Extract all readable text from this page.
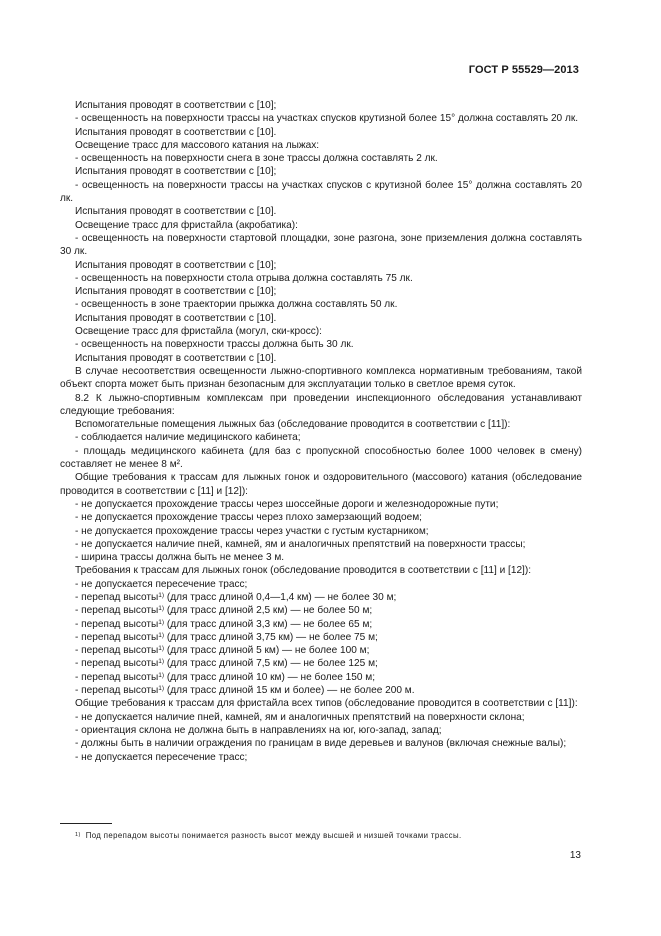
ГОСТ Р 55529—2013

Испытания проводят в соответствии с [10];

- освещенность на поверхности трассы на участках спусков крутизной более 15° должна составлять 20 лк.

Испытания проводят в соответствии с [10].

Освещение трасс для массового катания на лыжах:

- освещенность на поверхности снега в зоне трассы должна составлять 2 лк.

Испытания проводят в соответствии с [10];

- освещенность на поверхности трассы на участках спусков с крутизной более 15° должна составлять 20 лк.

Испытания проводят в соответствии с [10].

Освещение трасс для фристайла (акробатика):

- освещенность на поверхности стартовой площадки, зоне разгона, зоне приземления должна составлять 30 лк.

Испытания проводят в соответствии с [10];

- освещенность на поверхности стола отрыва должна составлять 75 лк.

Испытания проводят в соответствии с [10];

- освещенность в зоне траектории прыжка должна составлять 50 лк.

Испытания проводят в соответствии с [10].

Освещение трасс для фристайла (могул, ски-кросс):

- освещенность на поверхности трассы должна быть 30 лк.

Испытания проводят в соответствии с [10].

В случае несоответствия освещенности лыжно-спортивного комплекса нормативным требованиям, такой объект спорта может быть признан безопасным для эксплуатации только в светлое время суток.

8.2 К лыжно-спортивным комплексам при проведении инспекционного обследования устанавливают следующие требования:

Вспомогательные помещения лыжных баз (обследование проводится в соответствии с [11]):

- соблюдается наличие медицинского кабинета;

- площадь медицинского кабинета (для баз с пропускной способностью более 1000 человек в смену) составляет не менее 8 м².

Общие требования к трассам для лыжных гонок и оздоровительного (массового) катания (обследование проводится в соответствии с [11] и [12]):

- не допускается прохождение трассы через шоссейные дороги и железнодорожные пути;

- не допускается прохождение трассы через плохо замерзающий водоем;

- не допускается прохождение трассы через участки с густым кустарником;

- не допускается наличие пней, камней, ям и аналогичных препятствий на поверхности трассы;

- ширина трассы должна быть не менее 3 м.

Требования к трассам для лыжных гонок (обследование проводится в соответствии с [11] и [12]):

- не допускается пересечение трасс;

- перепад высоты$^{1)}$ (для трасс длиной 0,4—1,4 км) — не более 30 м;

- перепад высоты$^{1)}$ (для трасс длиной 2,5 км) — не более 50 м;

- перепад высоты$^{1)}$ (для трасс длиной 3,3 км) — не более 65 м;

- перепад высоты$^{1)}$ (для трасс длиной 3,75 км) — не более 75 м;

- перепад высоты$^{1)}$ (для трасс длиной 5 км) — не более 100 м;

- перепад высоты$^{1)}$ (для трасс длиной 7,5 км) — не более 125 м;

- перепад высоты$^{1)}$ (для трасс длиной 10 км) — не более 150 м;

- перепад высоты$^{1)}$ (для трасс длиной 15 км и более) — не более 200 м.

Общие требования к трассам для фристайла всех типов (обследование проводится в соответствии с [11]):

- не допускается наличие пней, камней, ям и аналогичных препятствий на поверхности склона;

- ориентация склона не должна быть в направлениях на юг, юго-запад, запад;

- должны быть в наличии ограждения по границам в виде деревьев и валунов (включая снежные валы);

- не допускается пересечение трасс;

$^{1)}$ Под перепадом высоты понимается разность высот между высшей и низшей точками трассы.
13
